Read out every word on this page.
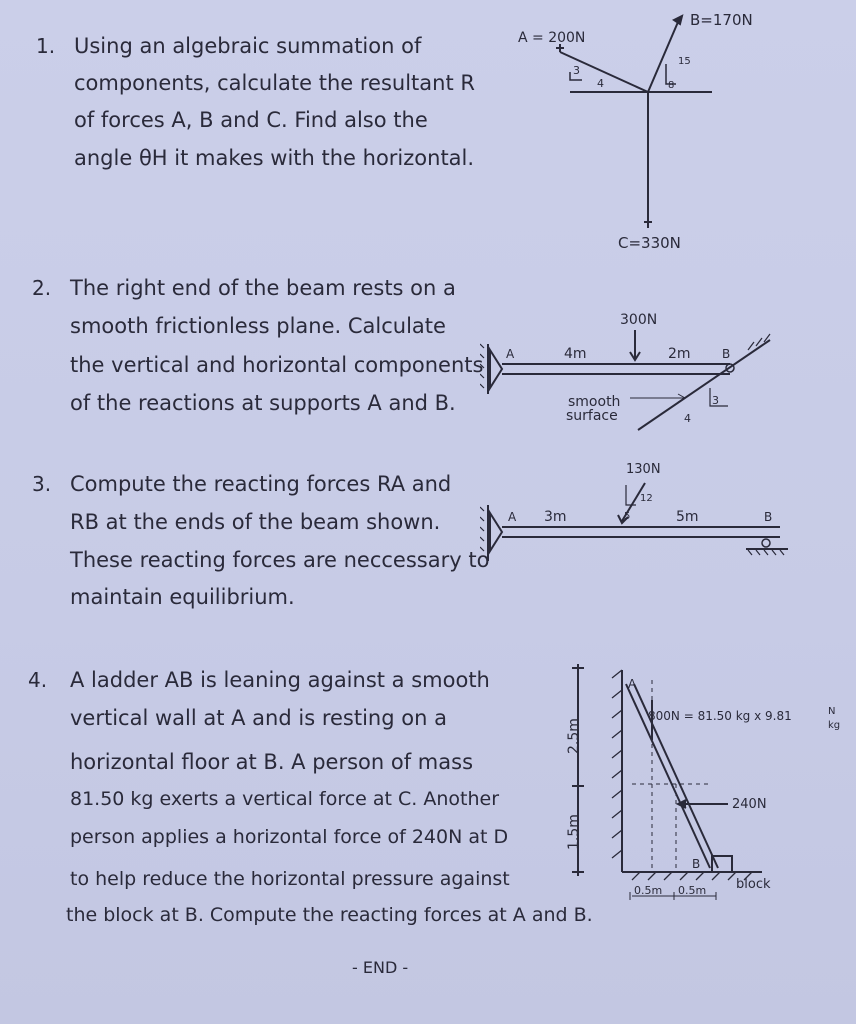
1. Using an algebraic summation of
components, calculate the resultant R
of forces A, B and C. Find also the
angle θH it makes with the horizontal.
A = 200N
B=170N
C=330N
3
4
15
8
2. The right end of the beam rests on a
smooth frictionless plane. Calculate
the vertical and horizontal components
of the reactions at supports A and B.
300N
4m	2m
A	B
smooth
surface
3
4
3. Compute the reacting forces RA and
RB at the ends of the beam shown.
These reacting forces are neccessary to
maintain equilibrium.
130N
3m	5m
A	B
12
5
4. A ladder AB is leaning against a smooth
vertical wall at A and is resting on a
horizontal floor at B. A person of mass
81.50 kg exerts a vertical force at C. Another
person applies a horizontal force of 240N at D
to help reduce the horizontal pressure against
the block at B. Compute the reacting forces at A and B.
A
B
2.5m
1.5m
800N = 81.50 kg x 9.81	N
kg
240N
0.5m 0.5m block
- END -
